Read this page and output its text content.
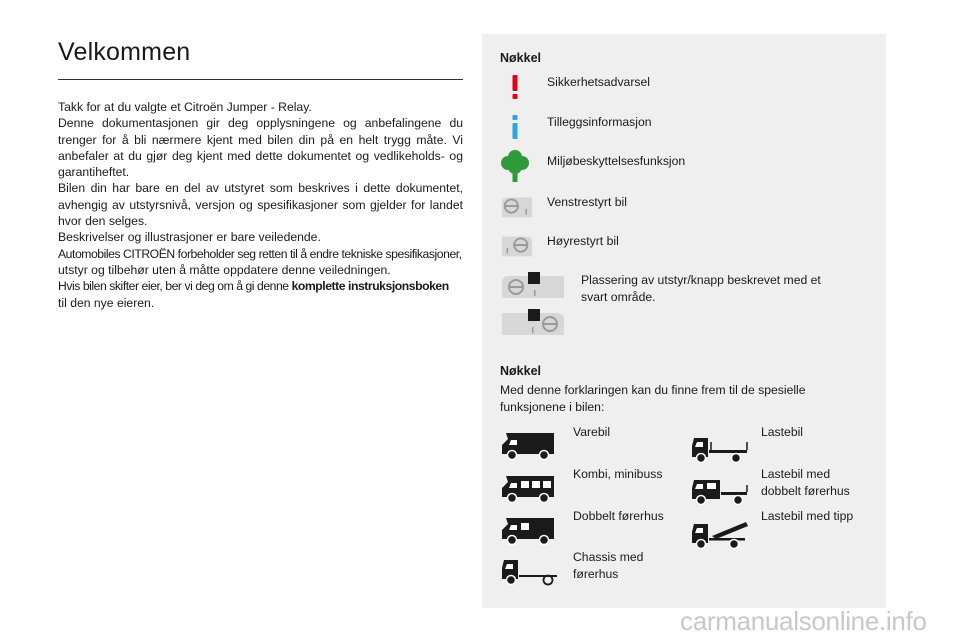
Velkommen

Takk for at du valgte et Citroën Jumper - Relay.

Denne dokumentasjonen gir deg opplysningene og anbefalingene du trenger for å bli nærmere kjent med bilen din på en helt trygg måte. Vi anbefaler at du gjør deg kjent med dette dokumentet og vedlikeholds- og garantiheftet.

Bilen din har bare en del av utstyret som beskrives i dette dokumentet, avhengig av utstyrsnivå, versjon og spesifikasjoner som gjelder for landet hvor den selges.

Beskrivelser og illustrasjoner er bare veiledende.

Automobiles CITROËN forbeholder seg retten til å endre tekniske spesifikasjoner,

utstyr og tilbehør uten å måtte oppdatere denne veiledningen.

Hvis bilen skifter eier, ber vi deg om å gi denne komplette instruksjonsboken

til den nye eieren.

Nøkkel
Sikkerhetsadvarsel
Tilleggsinformasjon
Miljøbeskyttelsesfunksjon
Venstrestyrt bil
Høyrestyrt bil
Plassering av utstyr/knapp beskrevet med et svart område.
Nøkkel
Med denne forklaringen kan du finne frem til de spesielle funksjonene i bilen:
Varebil	Lastebil
Kombi, minibuss	Lastebil med dobbelt førerhus
Dobbelt førerhus	Lastebil med tipp
Chassis med førerhus
carmanualsonline.info
